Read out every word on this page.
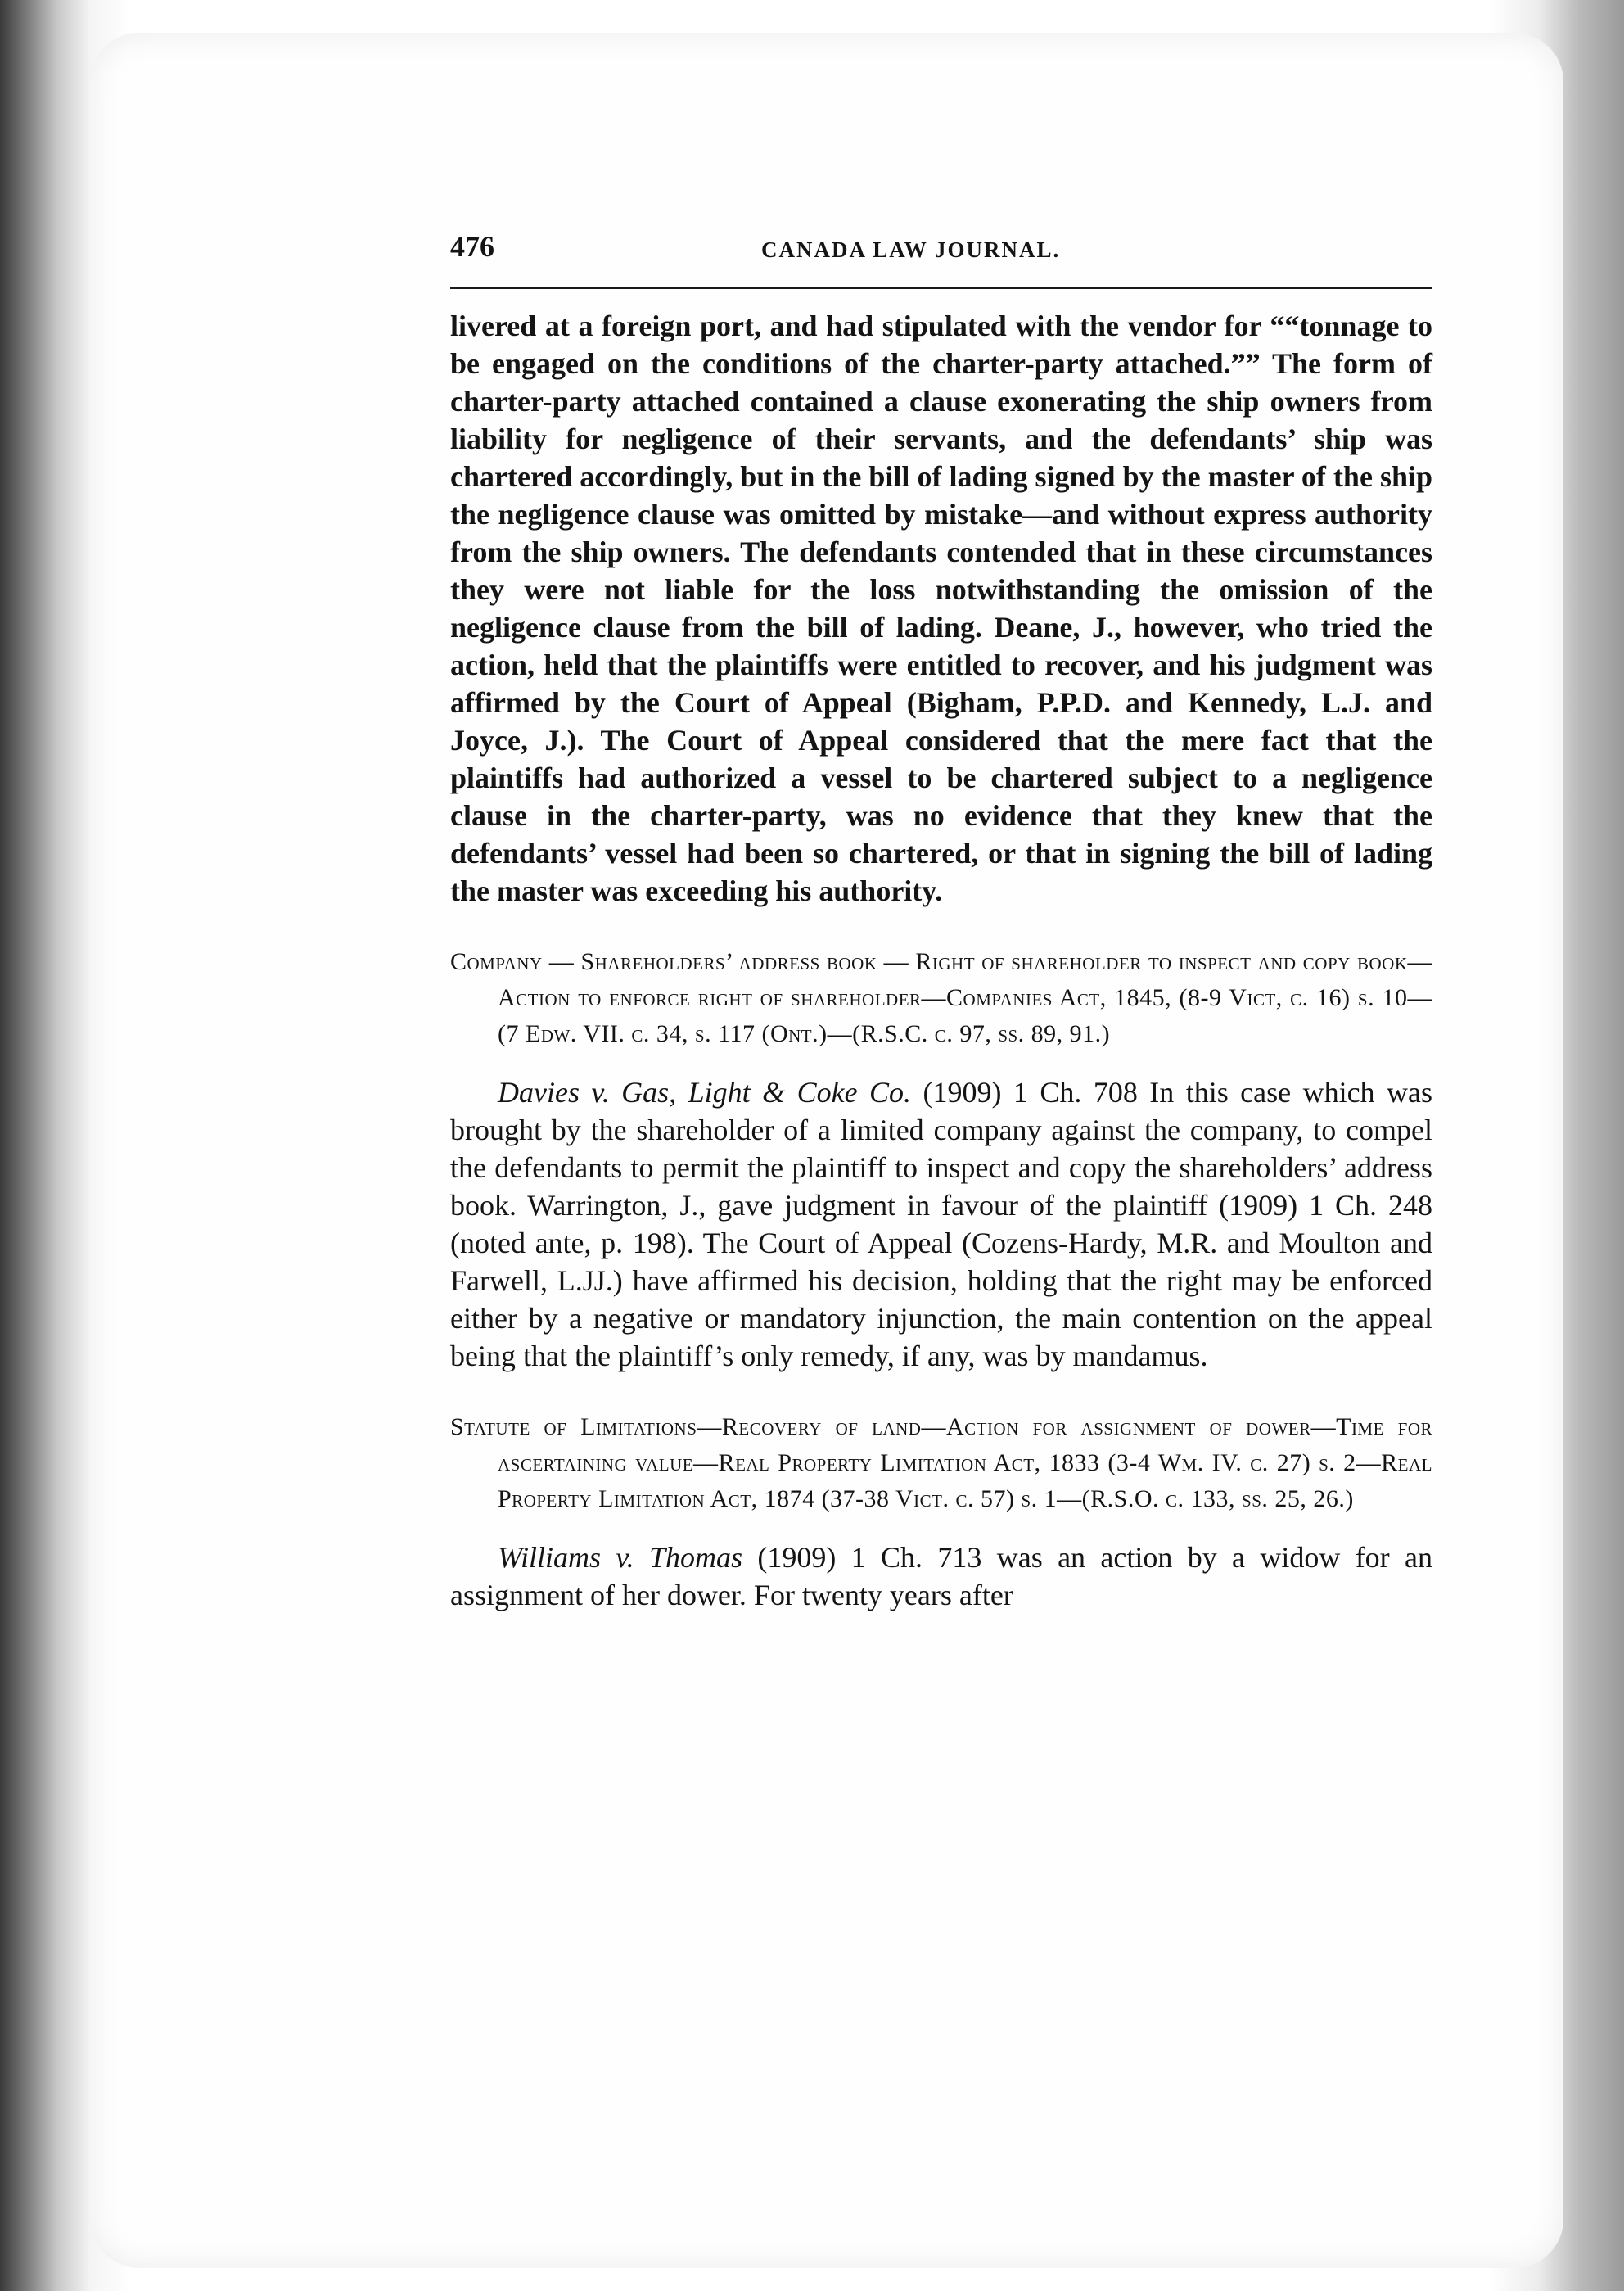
476	CANADA LAW JOURNAL.

livered at a foreign port, and had stipulated with the vendor for ““tonnage to be engaged on the conditions of the charter-party attached.”” The form of charter-party attached contained a clause exonerating the ship owners from liability for negligence of their servants, and the defendants’ ship was chartered accordingly, but in the bill of lading signed by the master of the ship the negligence clause was omitted by mistake—and without express authority from the ship owners. The defendants contended that in these circumstances they were not liable for the loss notwithstanding the omission of the negligence clause from the bill of lading. Deane, J., however, who tried the action, held that the plaintiffs were entitled to recover, and his judgment was affirmed by the Court of Appeal (Bigham, P.P.D. and Kennedy, L.J. and Joyce, J.). The Court of Appeal considered that the mere fact that the plaintiffs had authorized a vessel to be chartered subject to a negligence clause in the charter-party, was no evidence that they knew that the defendants’ vessel had been so chartered, or that in signing the bill of lading the master was exceeding his authority.

Company — Shareholders’ address book — Right of shareholder to inspect and copy book—Action to enforce right of shareholder—Companies Act, 1845, (8-9 Vict, c. 16) s. 10— (7 Edw. VII. c. 34, s. 117 (Ont.)—(R.S.C. c. 97, ss. 89, 91.)

Davies v. Gas, Light & Coke Co. (1909) 1 Ch. 708 In this case which was brought by the shareholder of a limited company against the company, to compel the defendants to permit the plaintiff to inspect and copy the shareholders’ address book. Warrington, J., gave judgment in favour of the plaintiff (1909) 1 Ch. 248 (noted ante, p. 198). The Court of Appeal (Cozens-Hardy, M.R. and Moulton and Farwell, L.JJ.) have affirmed his decision, holding that the right may be enforced either by a negative or mandatory injunction, the main contention on the appeal being that the plaintiff’s only remedy, if any, was by mandamus.

Statute of Limitations—Recovery of land—Action for assignment of dower—Time for ascertaining value—Real Property Limitation Act, 1833 (3-4 Wm. IV. c. 27) s. 2—Real Property Limitation Act, 1874 (37-38 Vict. c. 57) s. 1—(R.S.O. c. 133, ss. 25, 26.)

Williams v. Thomas (1909) 1 Ch. 713 was an action by a widow for an assignment of her dower. For twenty years after
